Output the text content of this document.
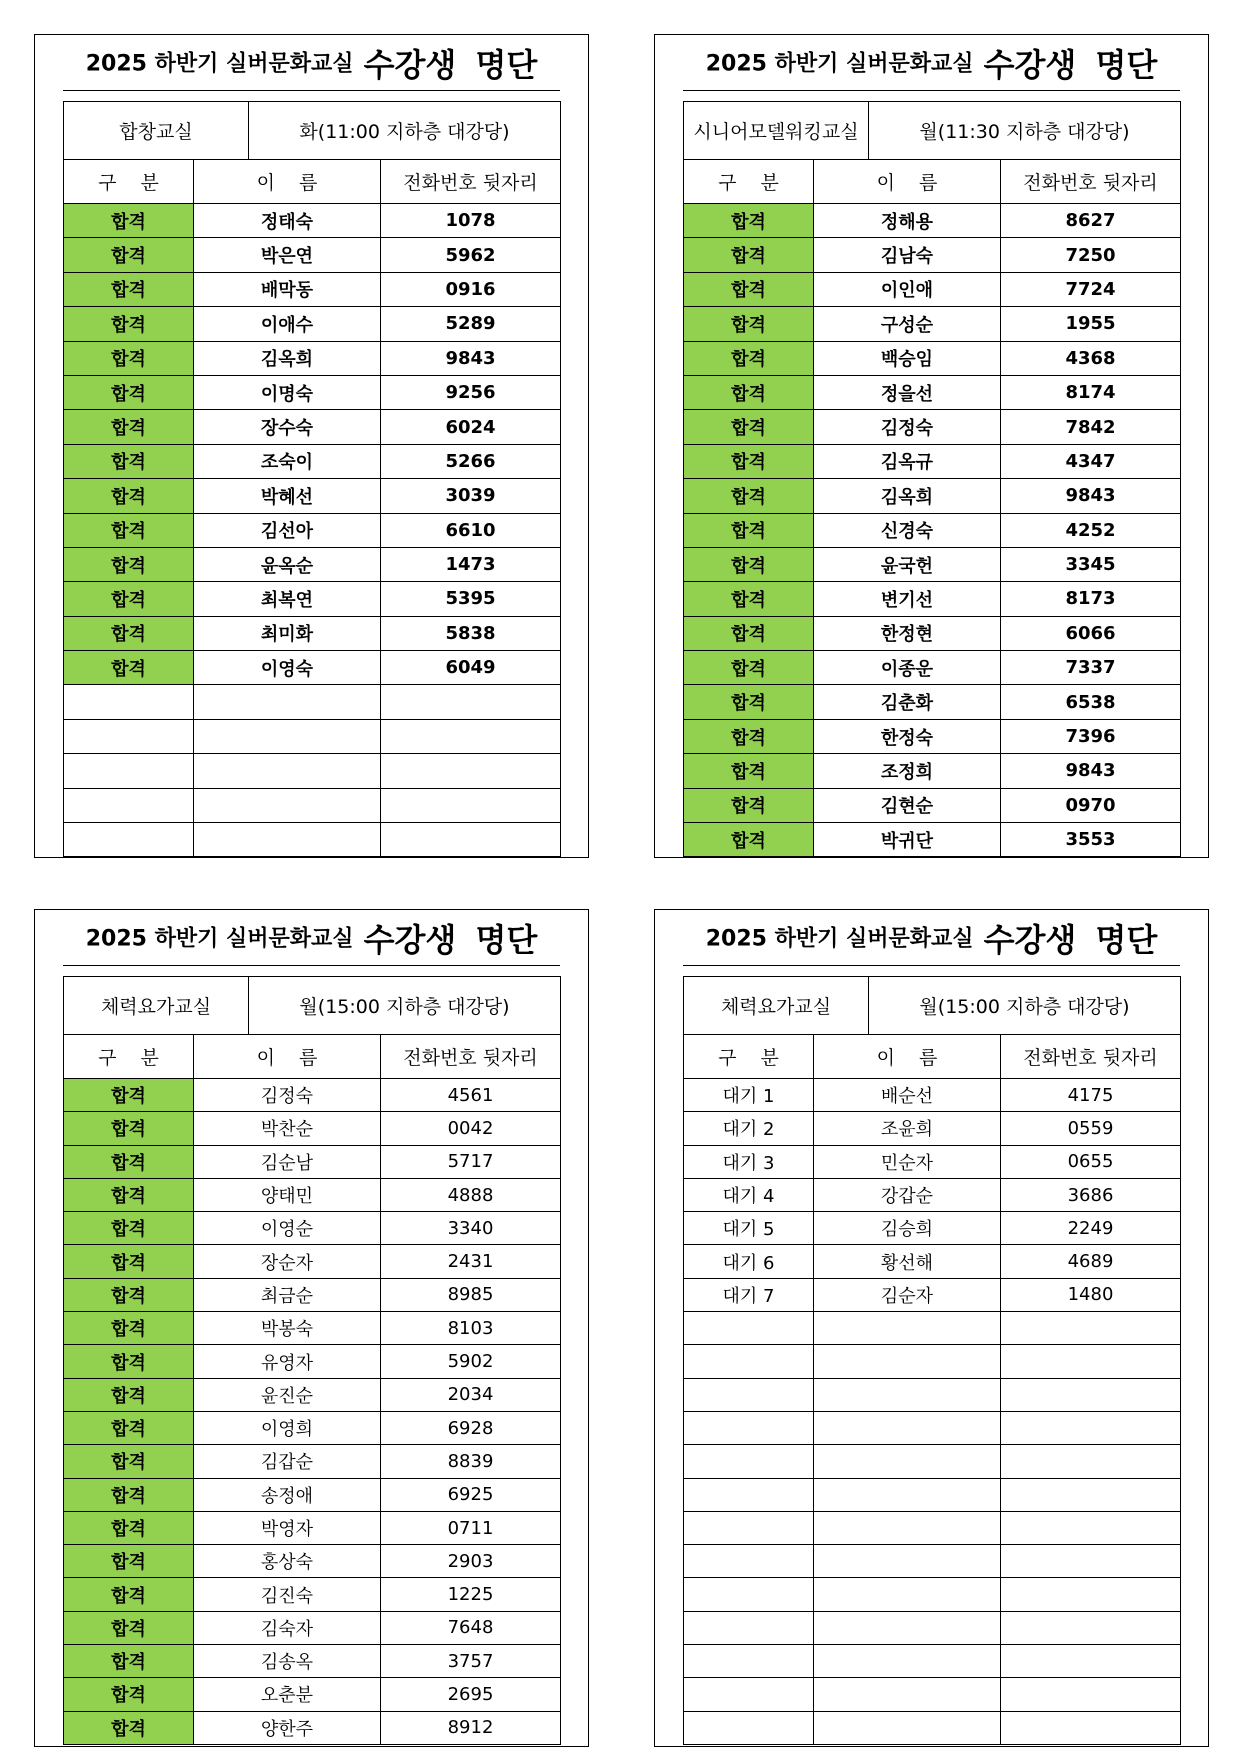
2025 하반기 실버문화교실 수강생 명단
합창교실	화(11:00 지하층 대강당)
구 분	이 름	전화번호 뒷자리
합격	정태숙	1078
합격	박은연	5962
합격	배막동	0916
합격	이애수	5289
합격	김옥희	9843
합격	이명숙	9256
합격	장수숙	6024
합격	조숙이	5266
합격	박혜선	3039
합격	김선아	6610
합격	윤옥순	1473
합격	최복연	5395
합격	최미화	5838
합격	이영숙	6049

2025 하반기 실버문화교실 수강생 명단
시니어모델워킹교실	월(11:30 지하층 대강당)
구 분	이 름	전화번호 뒷자리
합격	정해용	8627
합격	김남숙	7250
합격	이인애	7724
합격	구성순	1955
합격	백승임	4368
합격	정을선	8174
합격	김정숙	7842
합격	김옥규	4347
합격	김옥희	9843
합격	신경숙	4252
합격	윤국헌	3345
합격	변기선	8173
합격	한정현	6066
합격	이종운	7337
합격	김춘화	6538
합격	한정숙	7396
합격	조정희	9843
합격	김현순	0970
합격	박귀단	3553
2025 하반기 실버문화교실 수강생 명단
체력요가교실	월(15:00 지하층 대강당)
구 분	이 름	전화번호 뒷자리
합격	김정숙	4561
합격	박찬순	0042
합격	김순남	5717
합격	양태민	4888
합격	이영순	3340
합격	장순자	2431
합격	최금순	8985
합격	박봉숙	8103
합격	유영자	5902
합격	윤진순	2034
합격	이영희	6928
합격	김갑순	8839
합격	송정애	6925
합격	박영자	0711
합격	홍상숙	2903
합격	김진숙	1225
합격	김숙자	7648
합격	김송옥	3757
합격	오춘분	2695
합격	양한주	8912
2025 하반기 실버문화교실 수강생 명단
체력요가교실	월(15:00 지하층 대강당)
구 분	이 름	전화번호 뒷자리
대기 1	배순선	4175
대기 2	조윤희	0559
대기 3	민순자	0655
대기 4	강갑순	3686
대기 5	김승희	2249
대기 6	황선해	4689
대기 7	김순자	1480
